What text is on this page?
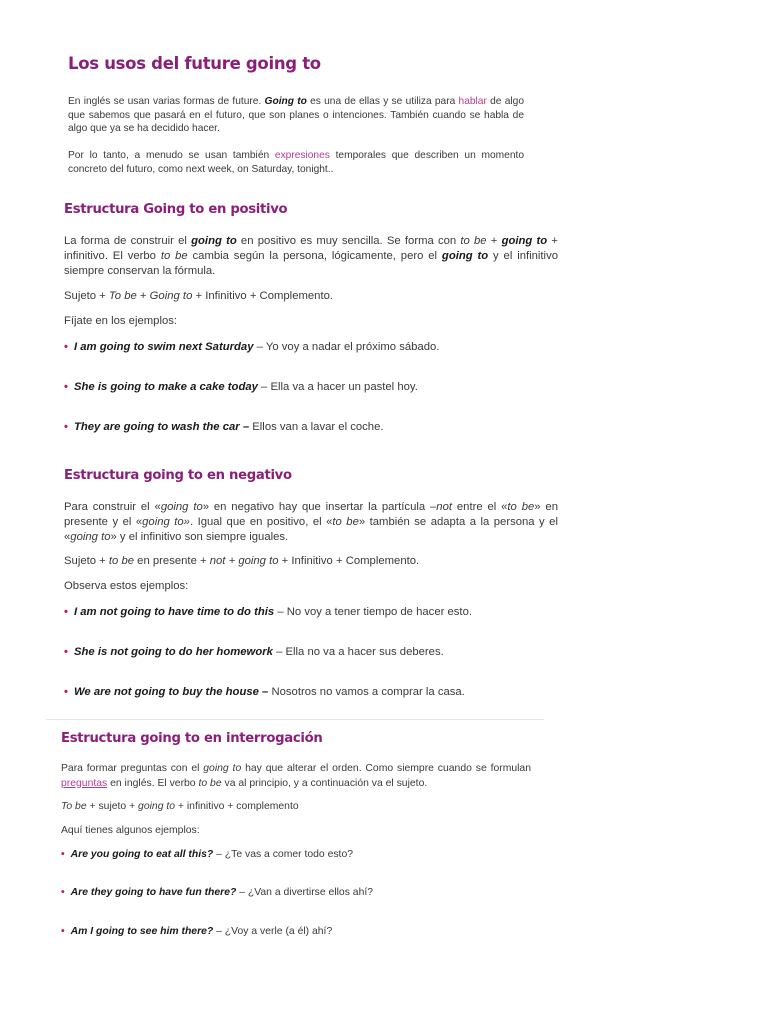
Los usos del future going to

En inglés se usan varias formas de future. Going to es una de ellas y se utiliza para hablar de algo que sabemos que pasará en el futuro, que son planes o intenciones. También cuando se habla de algo que ya se ha decidido hacer.

Por lo tanto, a menudo se usan también expresiones temporales que describen un momento concreto del futuro, como next week, on Saturday, tonight..

Estructura Going to en positivo

La forma de construir el going to en positivo es muy sencilla. Se forma con to be + going to + infinitivo. El verbo to be cambia según la persona, lógicamente, pero el going to y el infinitivo siempre conservan la fórmula.

Sujeto + To be + Going to + Infinitivo + Complemento.

Fíjate en los ejemplos:

• I am going to swim next Saturday – Yo voy a nadar el próximo sábado.

• She is going to make a cake today – Ella va a hacer un pastel hoy.

• They are going to wash the car – Ellos van a lavar el coche.

Estructura going to en negativo

Para construir el «going to» en negativo hay que insertar la partícula –not entre el «to be» en presente y el «going to». Igual que en positivo, el «to be» también se adapta a la persona y el «going to» y el infinitivo son siempre iguales.

Sujeto + to be en presente + not + going to + Infinitivo + Complemento.

Observa estos ejemplos:

• I am not going to have time to do this – No voy a tener tiempo de hacer esto.

• She is not going to do her homework – Ella no va a hacer sus deberes.

• We are not going to buy the house – Nosotros no vamos a comprar la casa.

Estructura going to en interrogación

Para formar preguntas con el going to hay que alterar el orden. Como siempre cuando se formulan preguntas en inglés. El verbo to be va al principio, y a continuación va el sujeto.

To be + sujeto + going to + infinitivo + complemento

Aquí tienes algunos ejemplos:

• Are you going to eat all this? – ¿Te vas a comer todo esto?

• Are they going to have fun there? – ¿Van a divertirse ellos ahí?

• Am I going to see him there? – ¿Voy a verle (a él) ahí?
